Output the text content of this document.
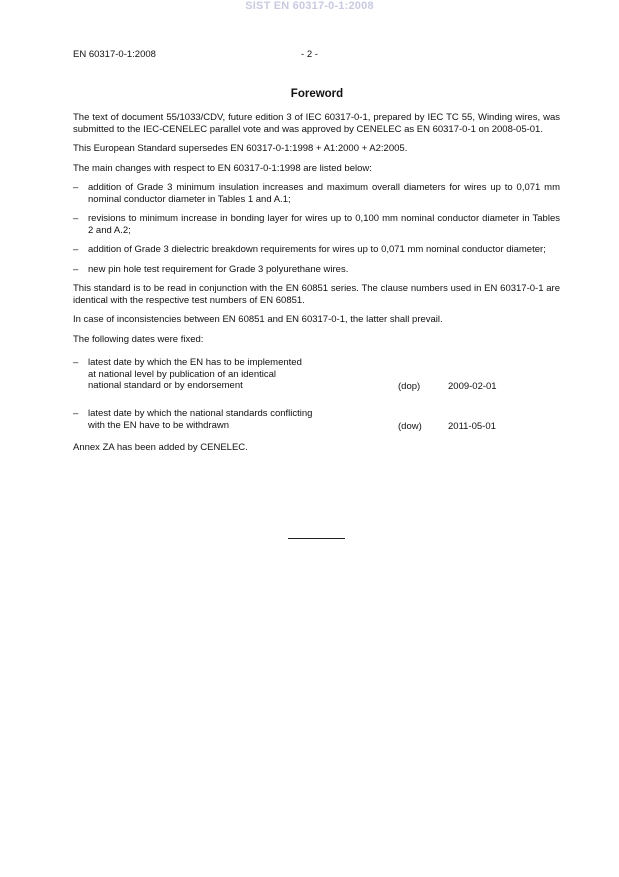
SIST EN 60317-0-1:2008
EN 60317-0-1:2008	- 2 -
Foreword

The text of document 55/1033/CDV, future edition 3 of IEC 60317-0-1, prepared by IEC TC 55, Winding wires, was submitted to the IEC-CENELEC parallel vote and was approved by CENELEC as EN 60317-0-1 on 2008-05-01.

This European Standard supersedes EN 60317-0-1:1998 + A1:2000 + A2:2005.

The main changes with respect to EN 60317-0-1:1998 are listed below:

– addition of Grade 3 minimum insulation increases and maximum overall diameters for wires up to 0,071 mm nominal conductor diameter in Tables 1 and A.1;
– revisions to minimum increase in bonding layer for wires up to 0,100 mm nominal conductor diameter in Tables 2 and A.2;
– addition of Grade 3 dielectric breakdown requirements for wires up to 0,071 mm nominal conductor diameter;
– new pin hole test requirement for Grade 3 polyurethane wires.

This standard is to be read in conjunction with the EN 60851 series. The clause numbers used in EN 60317-0-1 are identical with the respective test numbers of EN 60851.

In case of inconsistencies between EN 60851 and EN 60317-0-1, the latter shall prevail.

The following dates were fixed:

– latest date by which the EN has to be implemented
at national level by publication of an identical
national standard or by endorsement	(dop)	2009-02-01
– latest date by which the national standards conflicting
with the EN have to be withdrawn	(dow)	2011-05-01

Annex ZA has been added by CENELEC.
